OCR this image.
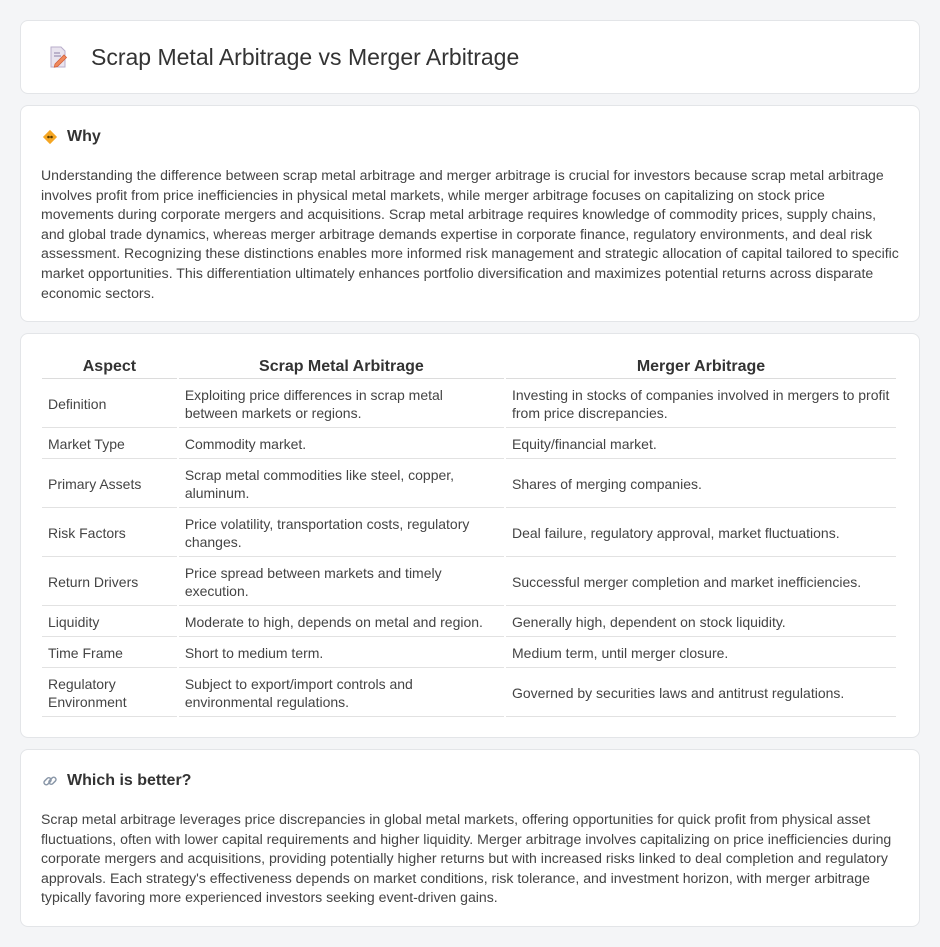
Scrap Metal Arbitrage vs Merger Arbitrage
Why

Understanding the difference between scrap metal arbitrage and merger arbitrage is crucial for investors because scrap metal arbitrage involves profit from price inefficiencies in physical metal markets, while merger arbitrage focuses on capitalizing on stock price movements during corporate mergers and acquisitions. Scrap metal arbitrage requires knowledge of commodity prices, supply chains, and global trade dynamics, whereas merger arbitrage demands expertise in corporate finance, regulatory environments, and deal risk assessment. Recognizing these distinctions enables more informed risk management and strategic allocation of capital tailored to specific market opportunities. This differentiation ultimately enhances portfolio diversification and maximizes potential returns across disparate economic sectors.

Aspect	Scrap Metal Arbitrage	Merger Arbitrage
Definition	Exploiting price differences in scrap metal between markets or regions.	Investing in stocks of companies involved in mergers to profit from price discrepancies.
Market Type	Commodity market.	Equity/financial market.
Primary Assets	Scrap metal commodities like steel, copper, aluminum.	Shares of merging companies.
Risk Factors	Price volatility, transportation costs, regulatory changes.	Deal failure, regulatory approval, market fluctuations.
Return Drivers	Price spread between markets and timely execution.	Successful merger completion and market inefficiencies.
Liquidity	Moderate to high, depends on metal and region.	Generally high, dependent on stock liquidity.
Time Frame	Short to medium term.	Medium term, until merger closure.
Regulatory Environment	Subject to export/import controls and environmental regulations.	Governed by securities laws and antitrust regulations.
Which is better?

Scrap metal arbitrage leverages price discrepancies in global metal markets, offering opportunities for quick profit from physical asset fluctuations, often with lower capital requirements and higher liquidity. Merger arbitrage involves capitalizing on price inefficiencies during corporate mergers and acquisitions, providing potentially higher returns but with increased risks linked to deal completion and regulatory approvals. Each strategy's effectiveness depends on market conditions, risk tolerance, and investment horizon, with merger arbitrage typically favoring more experienced investors seeking event-driven gains.
